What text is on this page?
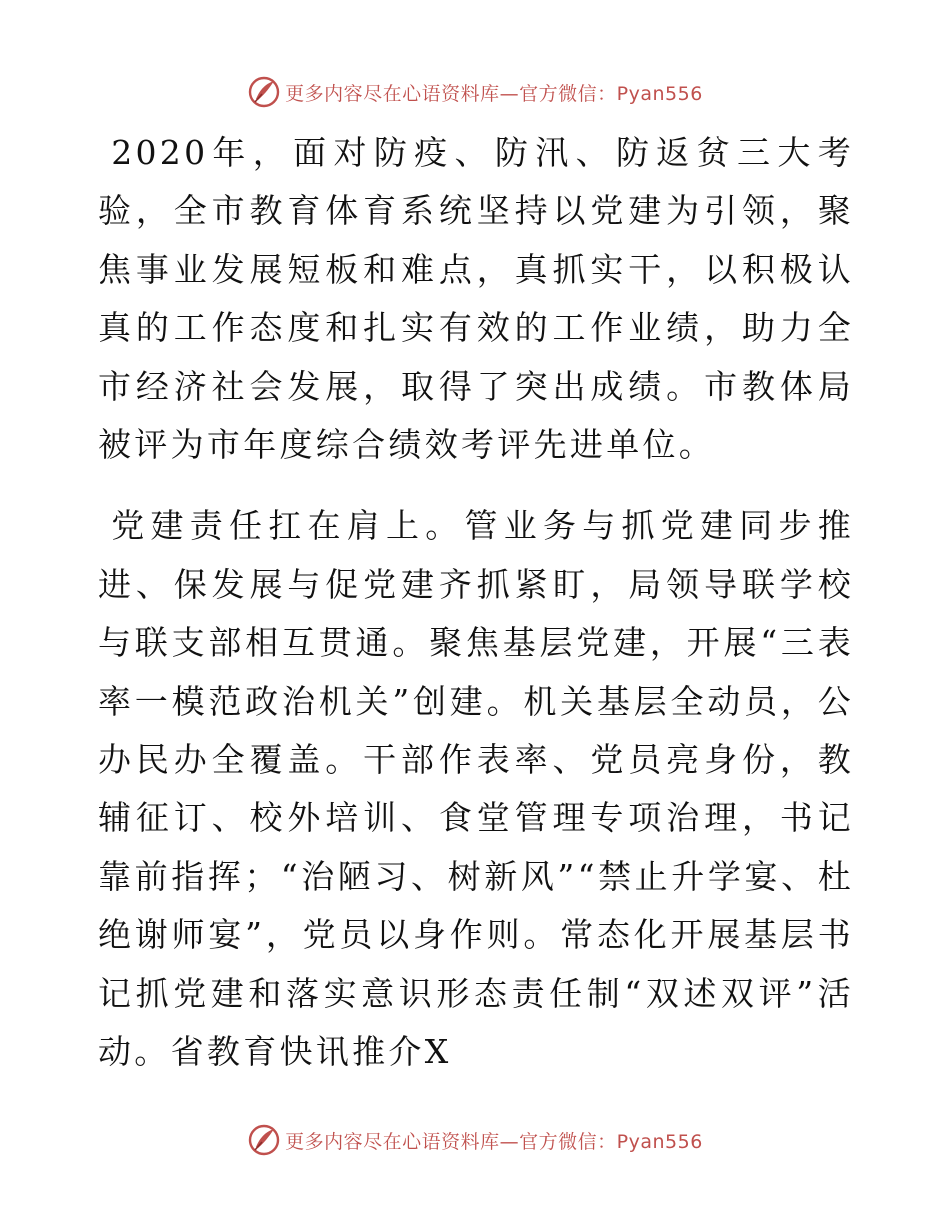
更多内容尽在心语资料库—官方微信：Pyan556

2020年，面对防疫、防汛、防返贫三大考验，全市教育体育系统坚持以党建为引领，聚焦事业发展短板和难点，真抓实干，以积极认真的工作态度和扎实有效的工作业绩，助力全市经济社会发展，取得了突出成绩。市教体局被评为市年度综合绩效考评先进单位。

党建责任扛在肩上。管业务与抓党建同步推进、保发展与促党建齐抓紧盯，局领导联学校与联支部相互贯通。聚焦基层党建，开展“三表率一模范政治机关”创建。机关基层全动员，公办民办全覆盖。干部作表率、党员亮身份，教辅征订、校外培训、食堂管理专项治理，书记靠前指挥；“治陋习、树新风”“禁止升学宴、杜绝谢师宴”，党员以身作则。常态化开展基层书记抓党建和落实意识形态责任制“双述双评”活动。省教育快讯推介X

更多内容尽在心语资料库—官方微信：Pyan556
